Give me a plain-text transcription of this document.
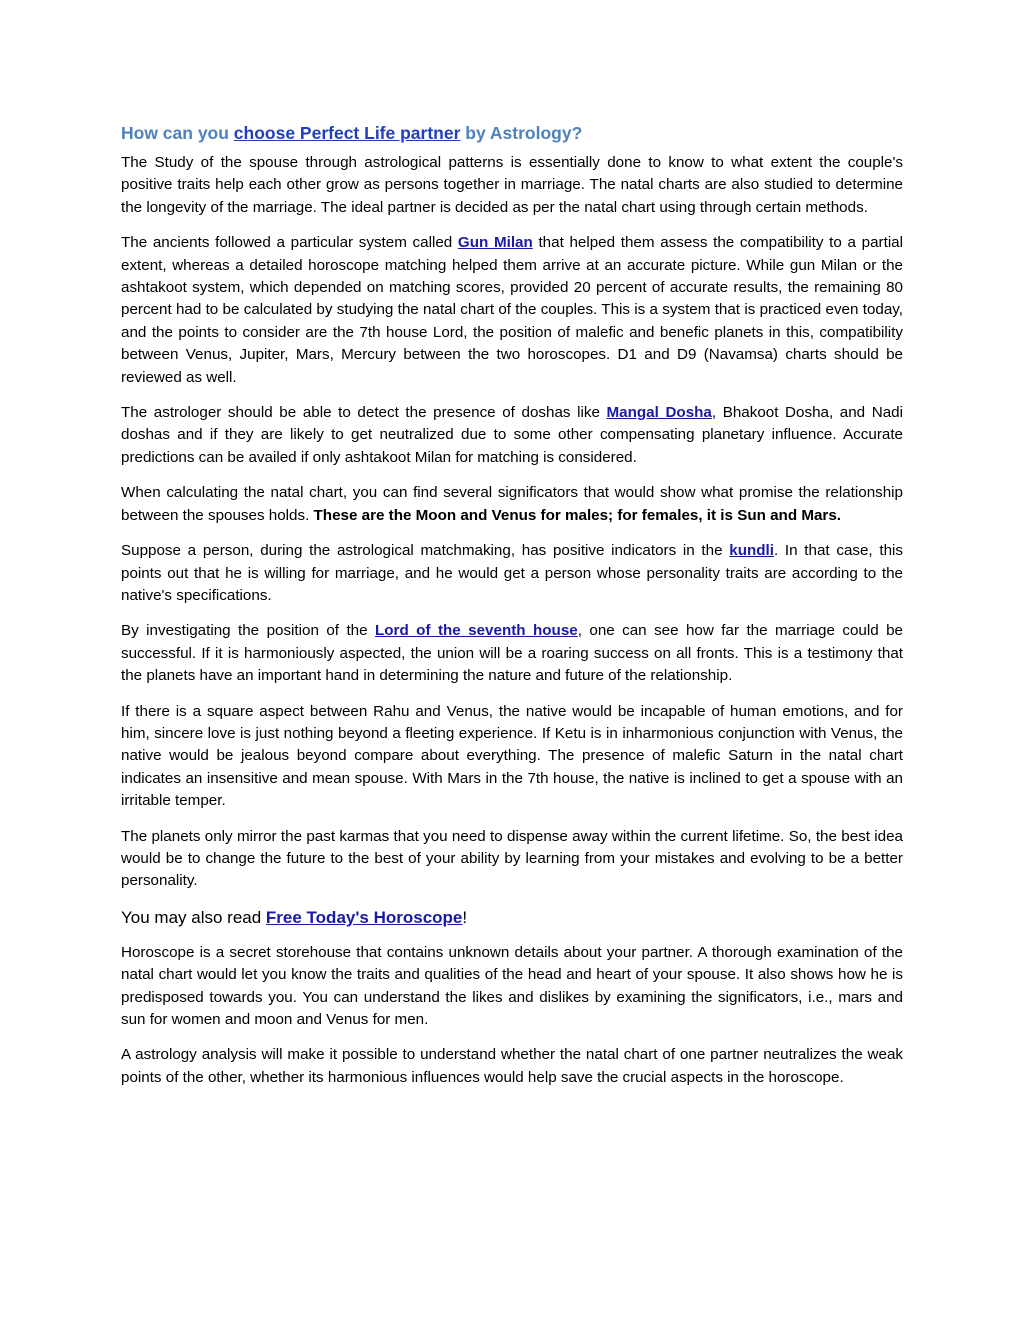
How can you choose Perfect Life partner by Astrology?

The Study of the spouse through astrological patterns is essentially done to know to what extent the couple's positive traits help each other grow as persons together in marriage. The natal charts are also studied to determine the longevity of the marriage. The ideal partner is decided as per the natal chart using through certain methods.

The ancients followed a particular system called Gun Milan that helped them assess the compatibility to a partial extent, whereas a detailed horoscope matching helped them arrive at an accurate picture. While gun Milan or the ashtakoot system, which depended on matching scores, provided 20 percent of accurate results, the remaining 80 percent had to be calculated by studying the natal chart of the couples. This is a system that is practiced even today, and the points to consider are the 7th house Lord, the position of malefic and benefic planets in this, compatibility between Venus, Jupiter, Mars, Mercury between the two horoscopes. D1 and D9 (Navamsa) charts should be reviewed as well.

The astrologer should be able to detect the presence of doshas like Mangal Dosha, Bhakoot Dosha, and Nadi doshas and if they are likely to get neutralized due to some other compensating planetary influence. Accurate predictions can be availed if only ashtakoot Milan for matching is considered.

When calculating the natal chart, you can find several significators that would show what promise the relationship between the spouses holds. These are the Moon and Venus for males; for females, it is Sun and Mars.

Suppose a person, during the astrological matchmaking, has positive indicators in the kundli. In that case, this points out that he is willing for marriage, and he would get a person whose personality traits are according to the native's specifications.

By investigating the position of the Lord of the seventh house, one can see how far the marriage could be successful. If it is harmoniously aspected, the union will be a roaring success on all fronts. This is a testimony that the planets have an important hand in determining the nature and future of the relationship.

If there is a square aspect between Rahu and Venus, the native would be incapable of human emotions, and for him, sincere love is just nothing beyond a fleeting experience. If Ketu is in inharmonious conjunction with Venus, the native would be jealous beyond compare about everything. The presence of malefic Saturn in the natal chart indicates an insensitive and mean spouse. With Mars in the 7th house, the native is inclined to get a spouse with an irritable temper.

The planets only mirror the past karmas that you need to dispense away within the current lifetime. So, the best idea would be to change the future to the best of your ability by learning from your mistakes and evolving to be a better personality.

You may also read Free Today's Horoscope!

Horoscope is a secret storehouse that contains unknown details about your partner. A thorough examination of the natal chart would let you know the traits and qualities of the head and heart of your spouse. It also shows how he is predisposed towards you. You can understand the likes and dislikes by examining the significators, i.e., mars and sun for women and moon and Venus for men.

A astrology analysis will make it possible to understand whether the natal chart of one partner neutralizes the weak points of the other, whether its harmonious influences would help save the crucial aspects in the horoscope.
